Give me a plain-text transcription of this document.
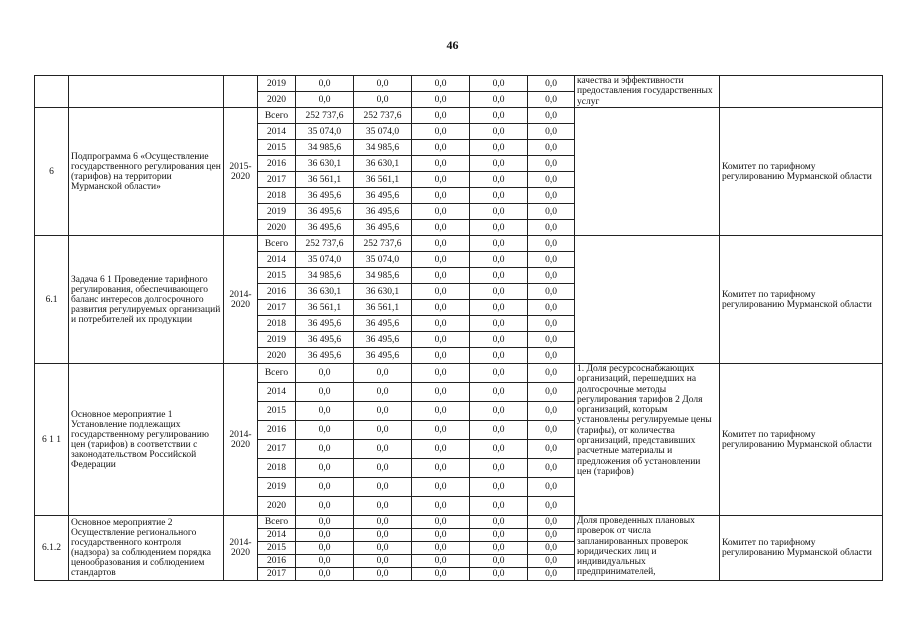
46
			2019	0,0	0,0	0,0	0,0	0,0	качества и эффективности предоставления государственных услуг	
			2020	0,0	0,0	0,0	0,0	0,0		
6	Подпрограмма 6 «Осуществление государственного регулирования цен (тарифов) на территории Мурманской области»	2015-2020	Всего	252 737,6	252 737,6	0,0	0,0	0,0		Комитет по тарифному регулированию Мурманской области
			2014	35 074,0	35 074,0	0,0	0,0	0,0		
			2015	34 985,6	34 985,6	0,0	0,0	0,0		
			2016	36 630,1	36 630,1	0,0	0,0	0,0		
			2017	36 561,1	36 561,1	0,0	0,0	0,0		
			2018	36 495,6	36 495,6	0,0	0,0	0,0		
			2019	36 495,6	36 495,6	0,0	0,0	0,0		
			2020	36 495,6	36 495,6	0,0	0,0	0,0		
6.1	Задача 6 1 Проведение тарифного регулирования, обеспечивающего баланс интересов долгосрочного развития регулируемых организаций и потребителей их продукции	2014-2020	Всего	252 737,6	252 737,6	0,0	0,0	0,0		Комитет по тарифному регулированию Мурманской области
			2014	35 074,0	35 074,0	0,0	0,0	0,0		
			2015	34 985,6	34 985,6	0,0	0,0	0,0		
			2016	36 630,1	36 630,1	0,0	0,0	0,0		
			2017	36 561,1	36 561,1	0,0	0,0	0,0		
			2018	36 495,6	36 495,6	0,0	0,0	0,0		
			2019	36 495,6	36 495,6	0,0	0,0	0,0		
			2020	36 495,6	36 495,6	0,0	0,0	0,0		
6 1 1	Основное мероприятие 1 Установление подлежащих государственному регулированию цен (тарифов) в соответствии с законодательством Российской Федерации	2014-2020	Всего	0,0	0,0	0,0	0,0	0,0	1. Доля ресурсоснабжающих организаций, перешедших на долгосрочные методы регулирования тарифов 2 Доля организаций, которым установлены регулируемые цены (тарифы), от количества организаций, представивших расчетные материалы и предложения об установлении цен (тарифов)	Комитет по тарифному регулированию Мурманской области
			2014	0,0	0,0	0,0	0,0	0,0		
			2015	0,0	0,0	0,0	0,0	0,0		
			2016	0,0	0,0	0,0	0,0	0,0		
			2017	0,0	0,0	0,0	0,0	0,0		
			2018	0,0	0,0	0,0	0,0	0,0		
			2019	0,0	0,0	0,0	0,0	0,0		
			2020	0,0	0,0	0,0	0,0	0,0		
6.1.2	Основное мероприятие 2 Осуществление регионального государственного контроля (надзора) за соблюдением порядка ценообразования и соблюдением стандартов	2014-2020	Всего	0,0	0,0	0,0	0,0	0,0	Доля проведенных плановых проверок от числа запланированных проверок юридических лиц и индивидуальных предпринимателей,	Комитет по тарифному регулированию Мурманской области
			2014	0,0	0,0	0,0	0,0	0,0		
			2015	0,0	0,0	0,0	0,0	0,0		
			2016	0,0	0,0	0,0	0,0	0,0		
			2017	0,0	0,0	0,0	0,0	0,0		
